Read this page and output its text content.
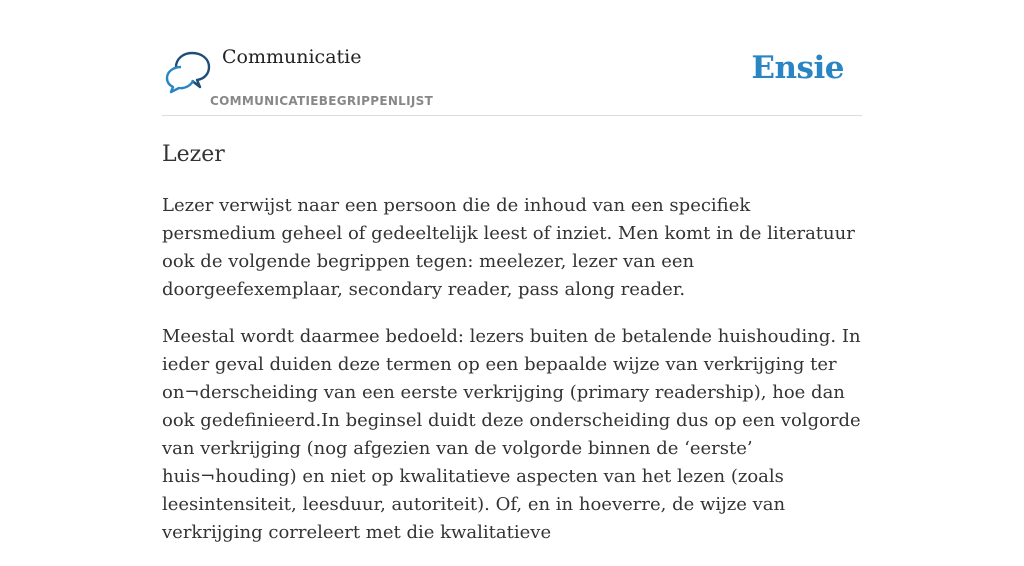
Communicatie
COMMUNICATIEBEGRIPPENLIJST
Ensie
Lezer

Lezer verwijst naar een persoon die de inhoud van een specifiek persmedium geheel of gedeeltelijk leest of inziet. Men komt in de literatuur ook de volgende begrippen tegen: meelezer, lezer van een doorgeefexemplaar, secondary reader, pass along reader.

Meestal wordt daarmee bedoeld: lezers buiten de betalende huishouding. In ieder geval duiden deze termen op een bepaalde wijze van verkrijging ter on¬derscheiding van een eerste verkrijging (primary readership), hoe dan ook gedefinieerd.In beginsel duidt deze onderscheiding dus op een volgorde van verkrijging (nog afgezien van de volgorde binnen de ‘eerste’ huis¬houding) en niet op kwalitatieve aspecten van het lezen (zoals leesintensiteit, leesduur, autoriteit). Of, en in hoeverre, de wijze van verkrijging correleert met die kwalitatieve
